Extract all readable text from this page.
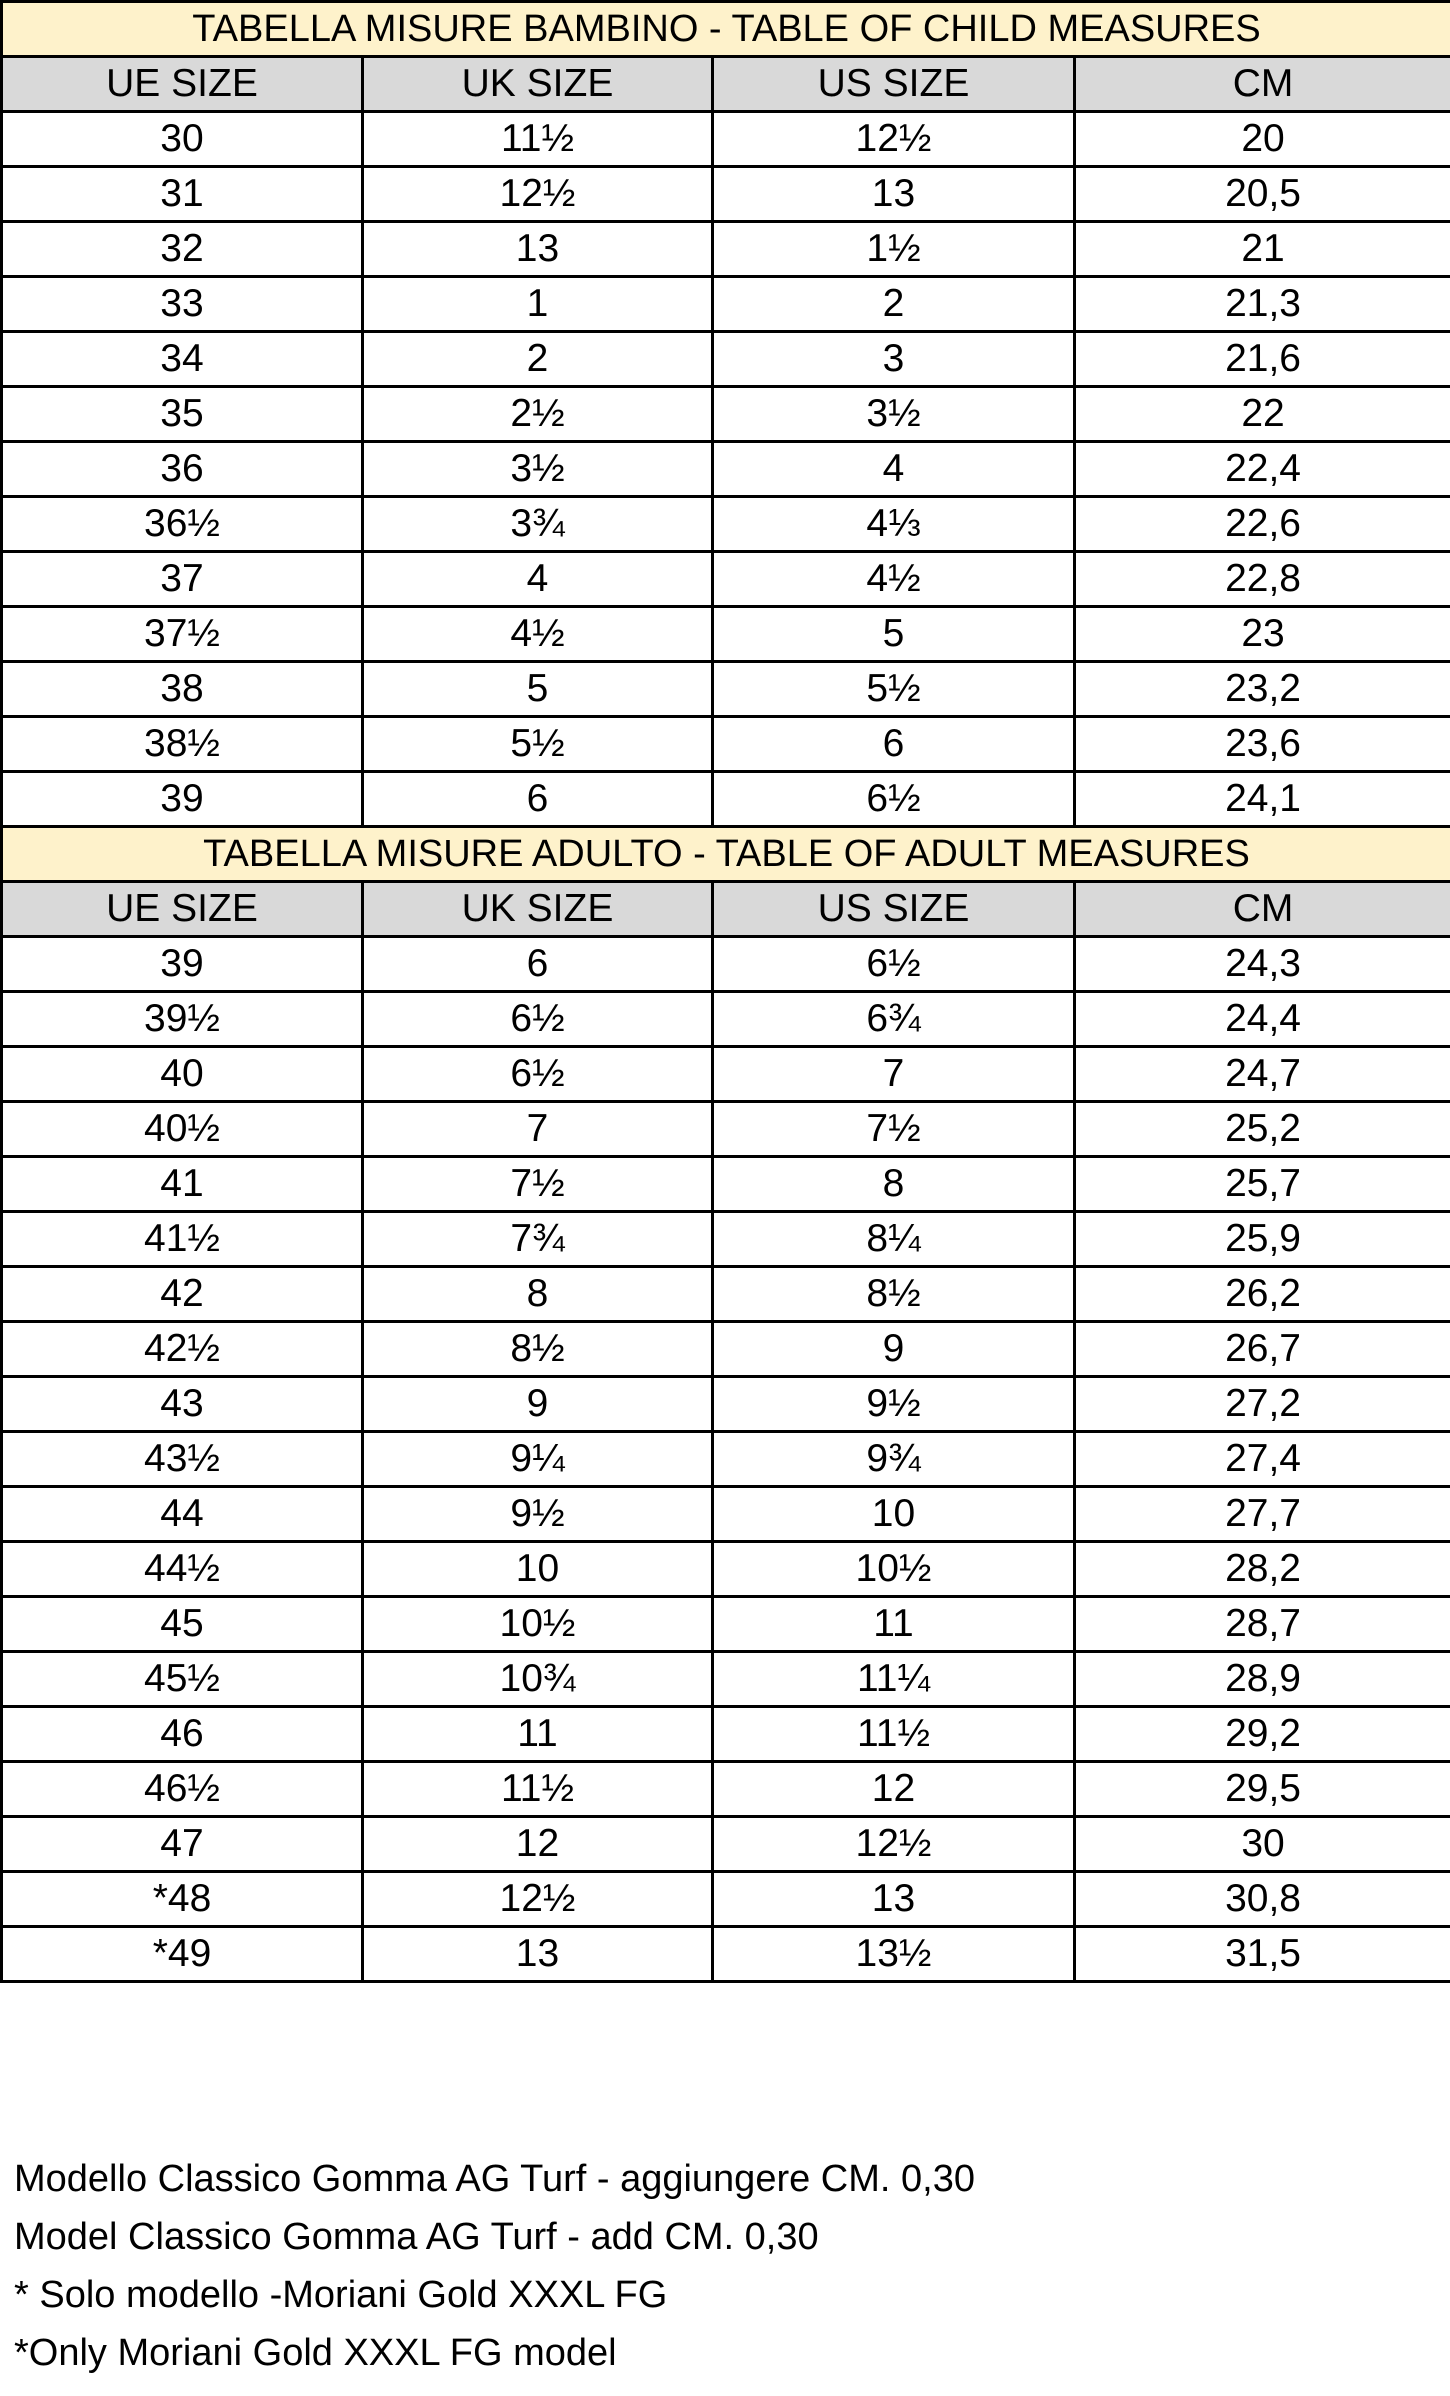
TABELLA MISURE BAMBINO - TABLE OF CHILD MEASURES			
UE SIZE	UK SIZE	US SIZE	CM
30	11½	12½	20
31	12½	13	20,5
32	13	1½	21
33	1	2	21,3
34	2	3	21,6
35	2½	3½	22
36	3½	4	22,4
36½	3¾	4⅓	22,6
37	4	4½	22,8
37½	4½	5	23
38	5	5½	23,2
38½	5½	6	23,6
39	6	6½	24,1
TABELLA MISURE ADULTO - TABLE OF ADULT MEASURES			
UE SIZE	UK SIZE	US SIZE	CM
39	6	6½	24,3
39½	6½	6¾	24,4
40	6½	7	24,7
40½	7	7½	25,2
41	7½	8	25,7
41½	7¾	8¼	25,9
42	8	8½	26,2
42½	8½	9	26,7
43	9	9½	27,2
43½	9¼	9¾	27,4
44	9½	10	27,7
44½	10	10½	28,2
45	10½	11	28,7
45½	10¾	11¼	28,9
46	11	11½	29,2
46½	11½	12	29,5
47	12	12½	30
*48	12½	13	30,8
*49	13	13½	31,5
Modello Classico Gomma AG Turf - aggiungere CM. 0,30
Model Classico Gomma AG Turf - add CM. 0,30
* Solo modello -Moriani Gold XXXL FG
*Only Moriani Gold XXXL FG model
